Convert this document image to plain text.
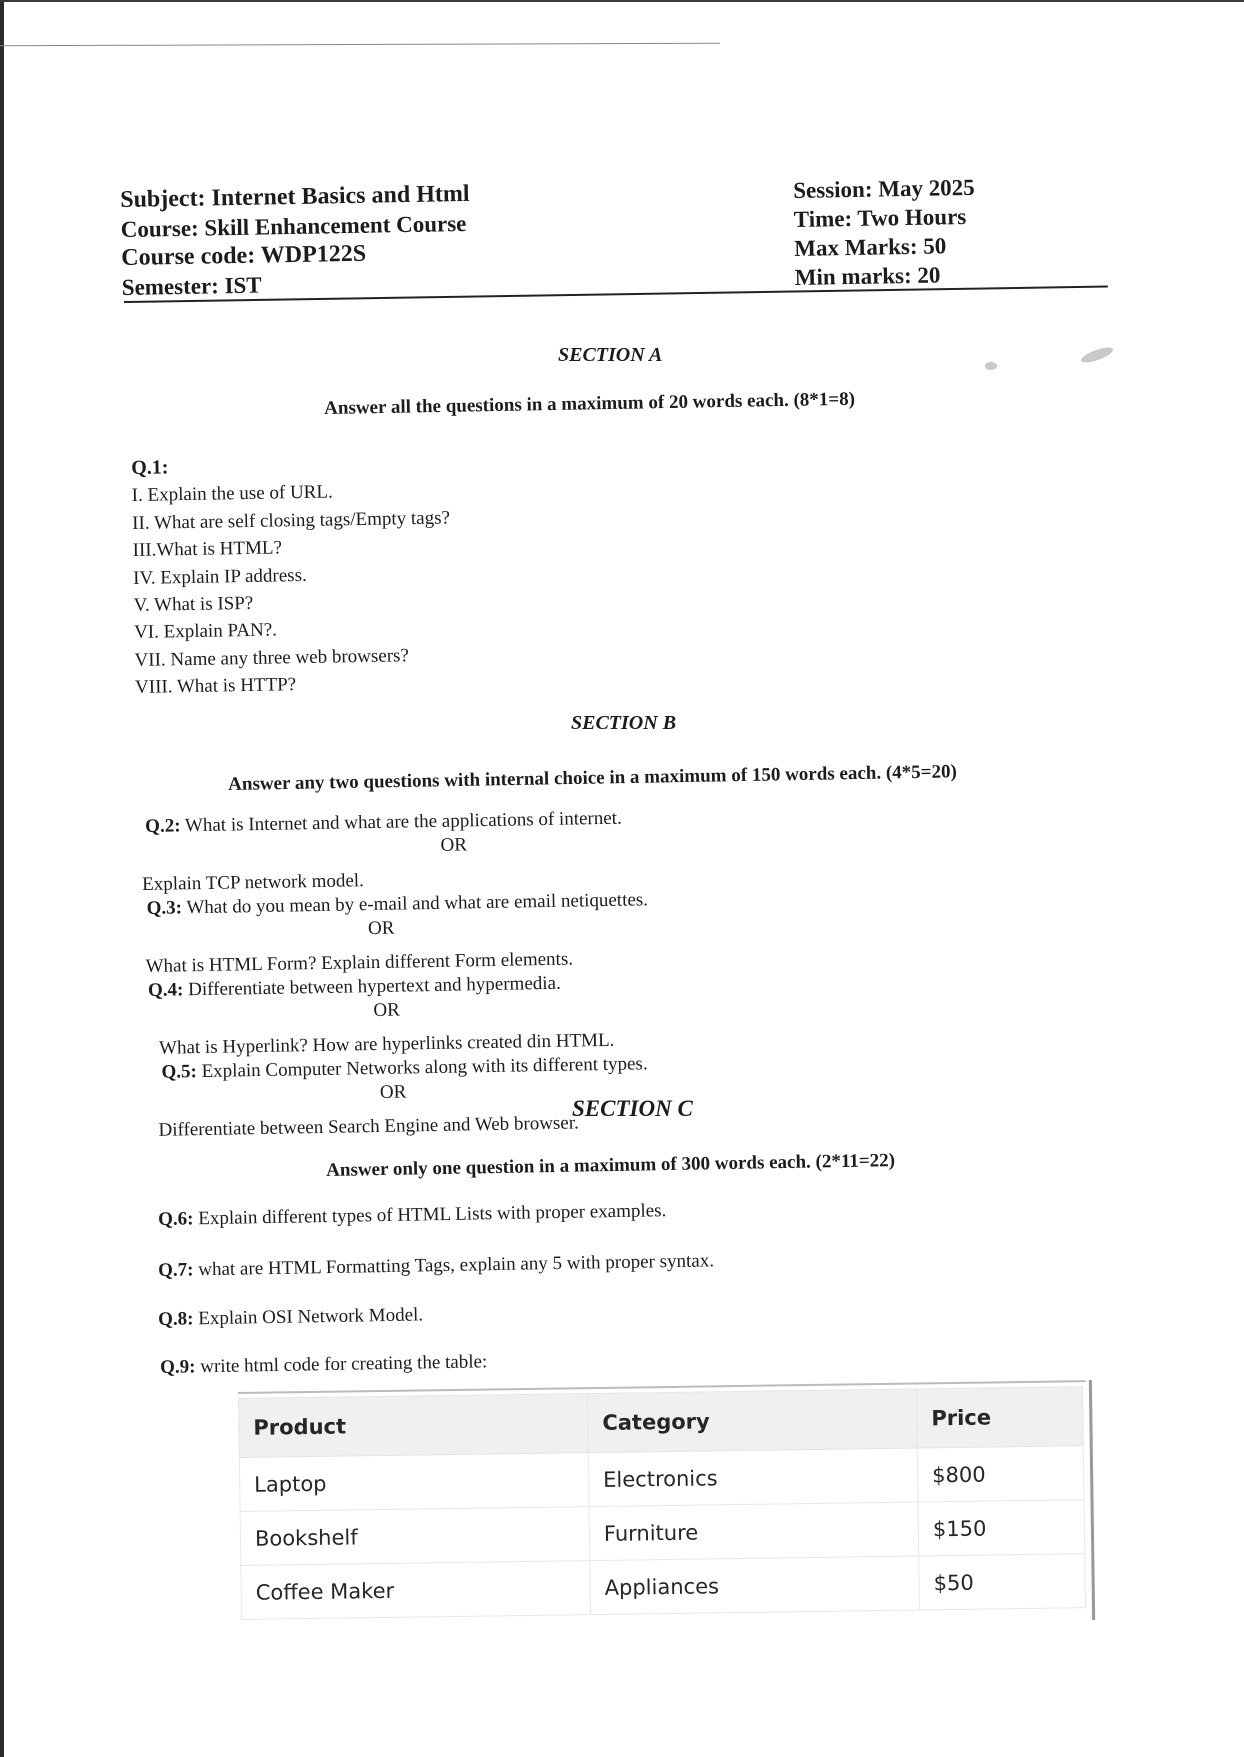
Subject: Internet Basics and Html
Course: Skill Enhancement Course
Course code: WDP122S
Semester: IST
Session: May 2025
Time: Two Hours
Max Marks: 50
Min marks: 20
SECTION A
Answer all the questions in a maximum of 20 words each. (8*1=8)
Q.1:
I. Explain the use of URL.
II. What are self closing tags/Empty tags?
III.What is HTML?
IV. Explain IP address.
V. What is ISP?
VI. Explain PAN?.
VII. Name any three web browsers?
VIII. What is HTTP?
SECTION B
Answer any two questions with internal choice in a maximum of 150 words each. (4*5=20)
Q.2: What is Internet and what are the applications of internet.
OR
Explain TCP network model.
Q.3: What do you mean by e-mail and what are email netiquettes.
OR
What is HTML Form? Explain different Form elements.
Q.4: Differentiate between hypertext and hypermedia.
OR
What is Hyperlink? How are hyperlinks created din HTML.
Q.5: Explain Computer Networks along with its different types.
OR
Differentiate between Search Engine and Web browser.
SECTION C
Answer only one question in a maximum of 300 words each. (2*11=22)
Q.6: Explain different types of HTML Lists with proper examples.
Q.7: what are HTML Formatting Tags, explain any 5 with proper syntax.
Q.8: Explain OSI Network Model.
Q.9: write html code for creating the table:
Product	Category	Price
Laptop	Electronics	$800
Bookshelf	Furniture	$150
Coffee Maker	Appliances	$50
